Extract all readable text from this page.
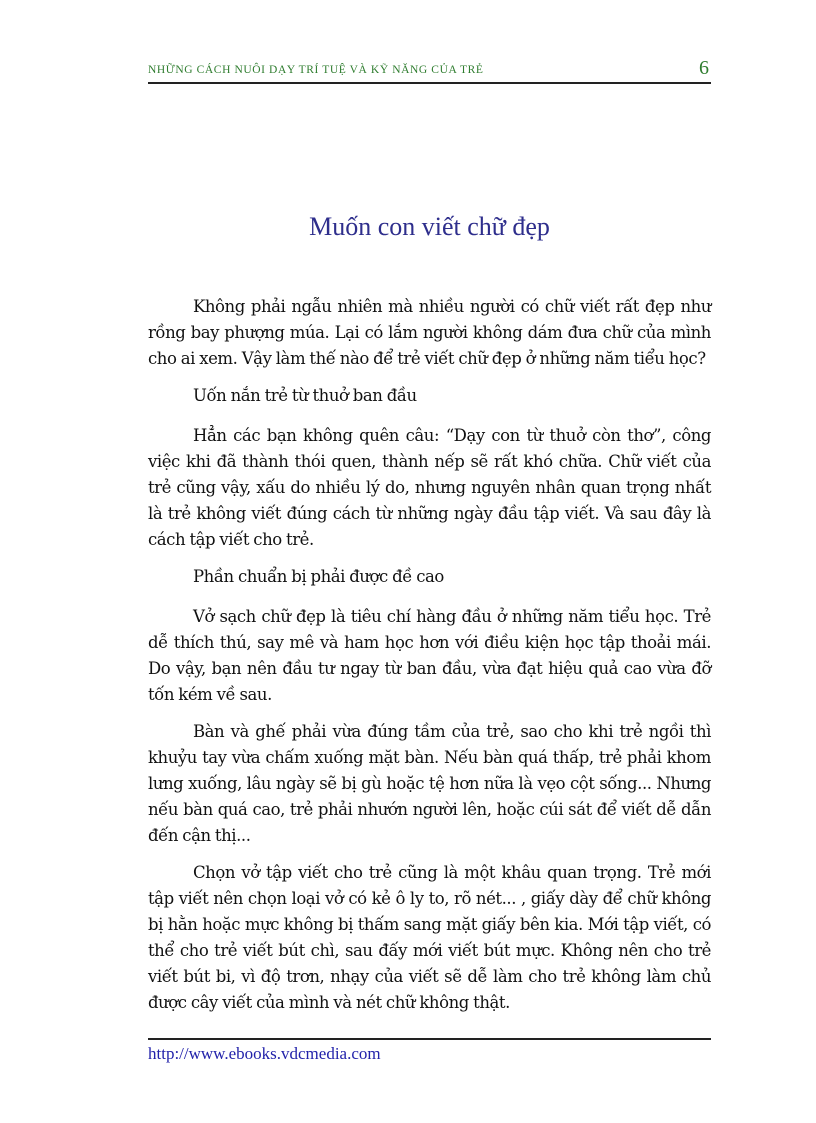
NHỮNG CÁCH NUÔI DẠY TRÍ TUỆ VÀ KỸ NĂNG CỦA TRẺ	6
Muốn con viết chữ đẹp

Không phải ngẫu nhiên mà nhiều người có chữ viết rất đẹp như rồng bay phượng múa. Lại có lắm người không dám đưa chữ của mình cho ai xem. Vậy làm thế nào để trẻ viết chữ đẹp ở những năm tiểu học?

Uốn nắn trẻ từ thuở ban đầu

Hẳn các bạn không quên câu: “Dạy con từ thuở còn thơ”, công việc khi đã thành thói quen, thành nếp sẽ rất khó chữa. Chữ viết của trẻ cũng vậy, xấu do nhiều lý do, nhưng nguyên nhân quan trọng nhất là trẻ không viết đúng cách từ những ngày đầu tập viết. Và sau đây là cách tập viết cho trẻ.

Phần chuẩn bị phải được đề cao

Vở sạch chữ đẹp là tiêu chí hàng đầu ở những năm tiểu học. Trẻ dễ thích thú, say mê và ham học hơn với điều kiện học tập thoải mái. Do vậy, bạn nên đầu tư ngay từ ban đầu, vừa đạt hiệu quả cao vừa đỡ tốn kém về sau.

Bàn và ghế phải vừa đúng tầm của trẻ, sao cho khi trẻ ngồi thì khuỷu tay vừa chấm xuống mặt bàn. Nếu bàn quá thấp, trẻ phải khom lưng xuống, lâu ngày sẽ bị gù hoặc tệ hơn nữa là vẹo cột sống... Nhưng nếu bàn quá cao, trẻ phải nhướn người lên, hoặc cúi sát để viết dễ dẫn đến cận thị...

Chọn vở tập viết cho trẻ cũng là một khâu quan trọng. Trẻ mới tập viết nên chọn loại vở có kẻ ô ly to, rõ nét... , giấy dày để chữ không bị hằn hoặc mực không bị thấm sang mặt giấy bên kia. Mới tập viết, có thể cho trẻ viết bút chì, sau đấy mới viết bút mực. Không nên cho trẻ viết bút bi, vì độ trơn, nhạy của viết sẽ dễ làm cho trẻ không làm chủ được cây viết của mình và nét chữ không thật.

http://www.ebooks.vdcmedia.com
